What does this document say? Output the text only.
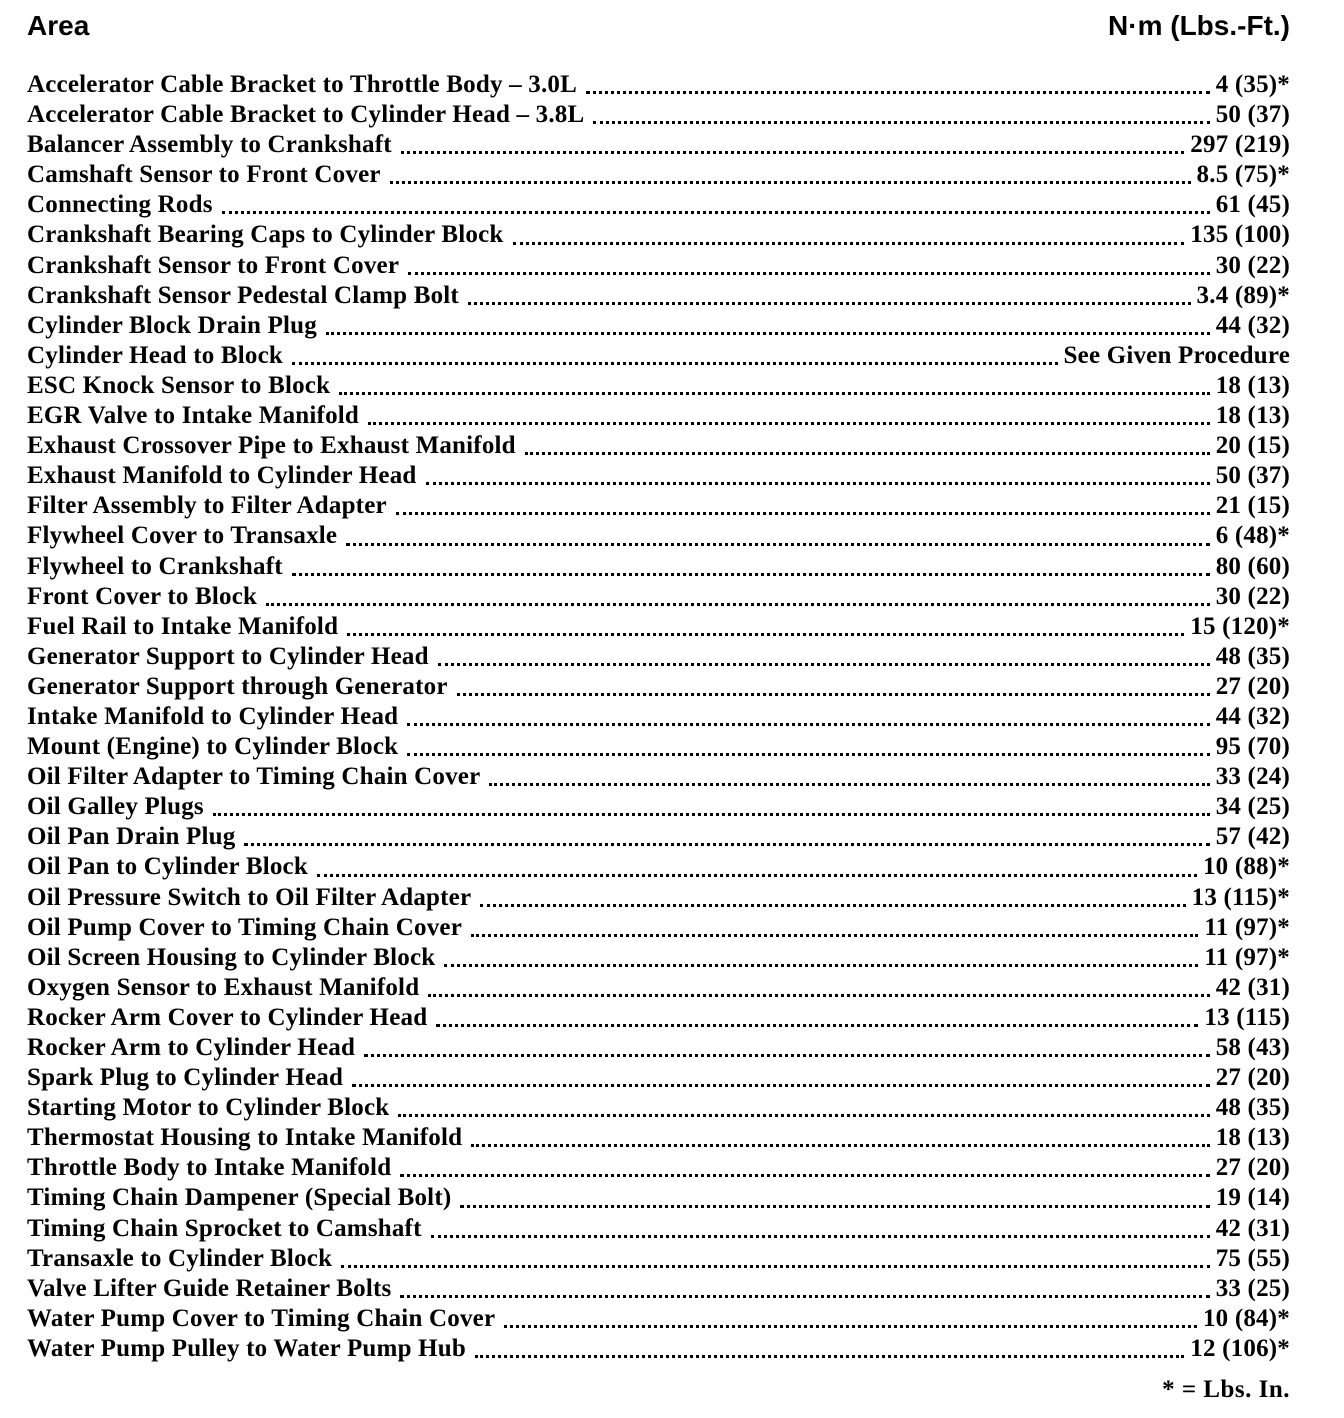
Area	N·m (Lbs.-Ft.)
Accelerator Cable Bracket to Throttle Body – 3.0L	4 (35)*
Accelerator Cable Bracket to Cylinder Head – 3.8L	50 (37)
Balancer Assembly to Crankshaft	297 (219)
Camshaft Sensor to Front Cover	8.5 (75)*
Connecting Rods	61 (45)
Crankshaft Bearing Caps to Cylinder Block	135 (100)
Crankshaft Sensor to Front Cover	30 (22)
Crankshaft Sensor Pedestal Clamp Bolt	3.4 (89)*
Cylinder Block Drain Plug	44 (32)
Cylinder Head to Block	See Given Procedure
ESC Knock Sensor to Block	18 (13)
EGR Valve to Intake Manifold	18 (13)
Exhaust Crossover Pipe to Exhaust Manifold	20 (15)
Exhaust Manifold to Cylinder Head	50 (37)
Filter Assembly to Filter Adapter	21 (15)
Flywheel Cover to Transaxle	6 (48)*
Flywheel to Crankshaft	80 (60)
Front Cover to Block	30 (22)
Fuel Rail to Intake Manifold	15 (120)*
Generator Support to Cylinder Head	48 (35)
Generator Support through Generator	27 (20)
Intake Manifold to Cylinder Head	44 (32)
Mount (Engine) to Cylinder Block	95 (70)
Oil Filter Adapter to Timing Chain Cover	33 (24)
Oil Galley Plugs	34 (25)
Oil Pan Drain Plug	57 (42)
Oil Pan to Cylinder Block	10 (88)*
Oil Pressure Switch to Oil Filter Adapter	13 (115)*
Oil Pump Cover to Timing Chain Cover	11 (97)*
Oil Screen Housing to Cylinder Block	11 (97)*
Oxygen Sensor to Exhaust Manifold	42 (31)
Rocker Arm Cover to Cylinder Head	13 (115)
Rocker Arm to Cylinder Head	58 (43)
Spark Plug to Cylinder Head	27 (20)
Starting Motor to Cylinder Block	48 (35)
Thermostat Housing to Intake Manifold	18 (13)
Throttle Body to Intake Manifold	27 (20)
Timing Chain Dampener (Special Bolt)	19 (14)
Timing Chain Sprocket to Camshaft	42 (31)
Transaxle to Cylinder Block	75 (55)
Valve Lifter Guide Retainer Bolts	33 (25)
Water Pump Cover to Timing Chain Cover	10 (84)*
Water Pump Pulley to Water Pump Hub	12 (106)*
* = Lbs. In.
